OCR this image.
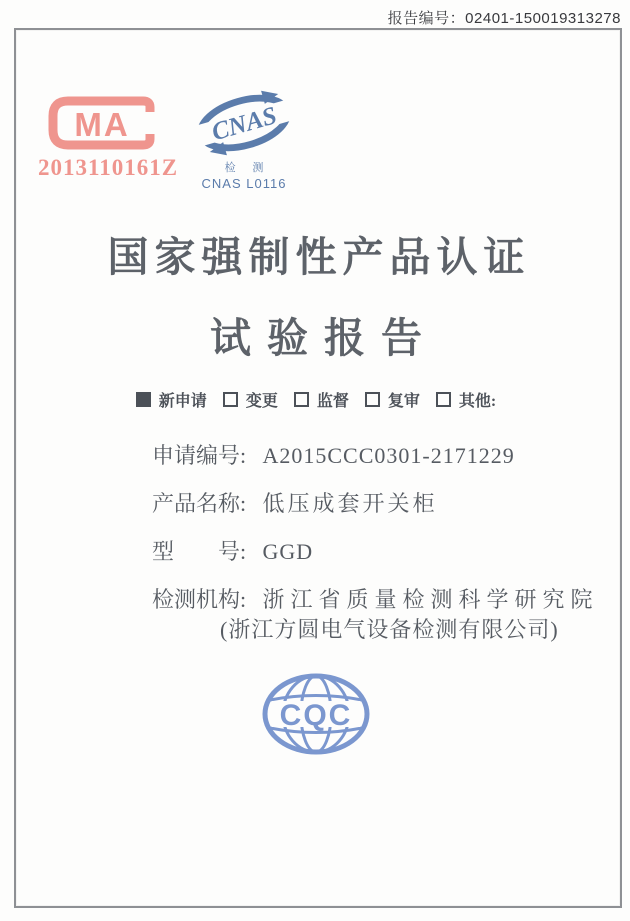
报告编号：02401-150019313278
MA
2013110161Z
CNAS
检 测
CNAS L0116
国家强制性产品认证
试验报告
新申请 变更 监督 复审 其他:
申请编号: A2015CCC0301-2171229
产品名称: 低压成套开关柜
型　　号: GGD
检测机构: 浙江省质量检测科学研究院
(浙江方圆电气设备检测有限公司)
CQC
